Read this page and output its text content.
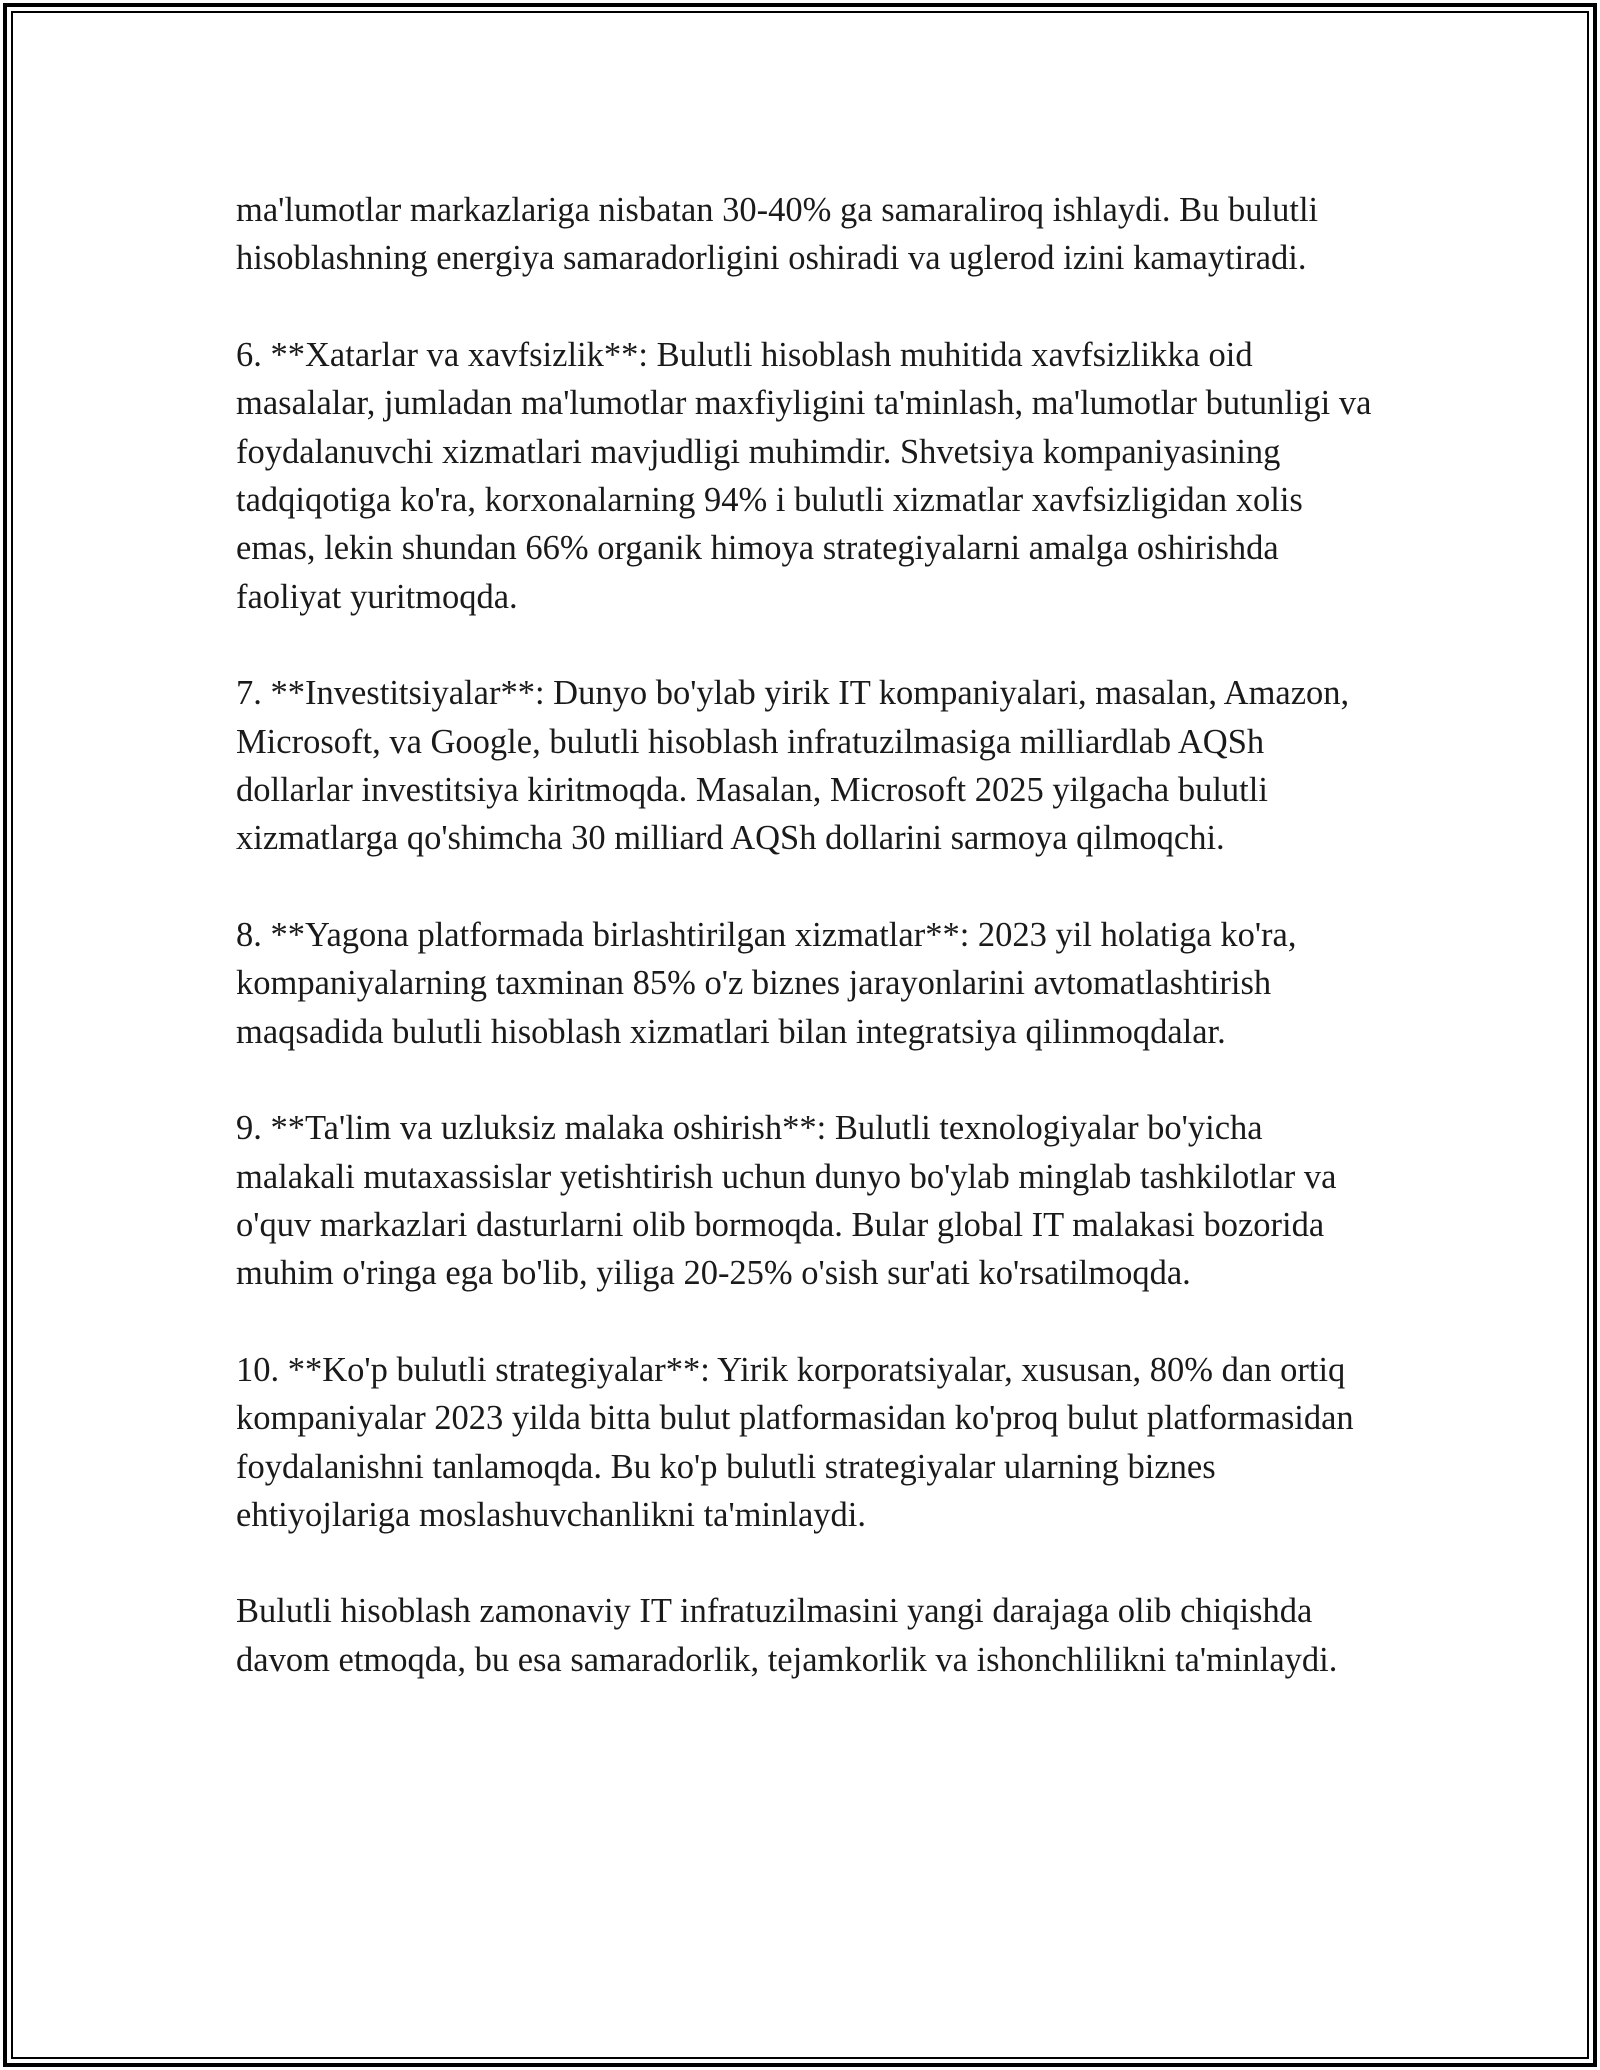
ma'lumotlar markazlariga nisbatan 30-40% ga samaraliroq ishlaydi. Bu bulutli hisoblashning energiya samaradorligini oshiradi va uglerod izini kamaytiradi.

6. **Xatarlar va xavfsizlik**: Bulutli hisoblash muhitida xavfsizlikka oid masalalar, jumladan ma'lumotlar maxfiyligini ta'minlash, ma'lumotlar butunligi va foydalanuvchi xizmatlari mavjudligi muhimdir. Shvetsiya kompaniyasining tadqiqotiga ko'ra, korxonalarning 94% i bulutli xizmatlar xavfsizligidan xolis emas, lekin shundan 66% organik himoya strategiyalarni amalga oshirishda faoliyat yuritmoqda.

7. **Investitsiyalar**: Dunyo bo'ylab yirik IT kompaniyalari, masalan, Amazon, Microsoft, va Google, bulutli hisoblash infratuzilmasiga milliardlab AQSh dollarlar investitsiya kiritmoqda. Masalan, Microsoft 2025 yilgacha bulutli xizmatlarga qo'shimcha 30 milliard AQSh dollarini sarmoya qilmoqchi.

8. **Yagona platformada birlashtirilgan xizmatlar**: 2023 yil holatiga ko'ra, kompaniyalarning taxminan 85% o'z biznes jarayonlarini avtomatlashtirish maqsadida bulutli hisoblash xizmatlari bilan integratsiya qilinmoqdalar.

9. **Ta'lim va uzluksiz malaka oshirish**: Bulutli texnologiyalar bo'yicha malakali mutaxassislar yetishtirish uchun dunyo bo'ylab minglab tashkilotlar va o'quv markazlari dasturlarni olib bormoqda. Bular global IT malakasi bozorida muhim o'ringa ega bo'lib, yiliga 20-25% o'sish sur'ati ko'rsatilmoqda.

10. **Ko'p bulutli strategiyalar**: Yirik korporatsiyalar, xususan, 80% dan ortiq kompaniyalar 2023 yilda bitta bulut platformasidan ko'proq bulut platformasidan foydalanishni tanlamoqda. Bu ko'p bulutli strategiyalar ularning biznes ehtiyojlariga moslashuvchanlikni ta'minlaydi.

Bulutli hisoblash zamonaviy IT infratuzilmasini yangi darajaga olib chiqishda davom etmoqda, bu esa samaradorlik, tejamkorlik va ishonchlilikni ta'minlaydi.
